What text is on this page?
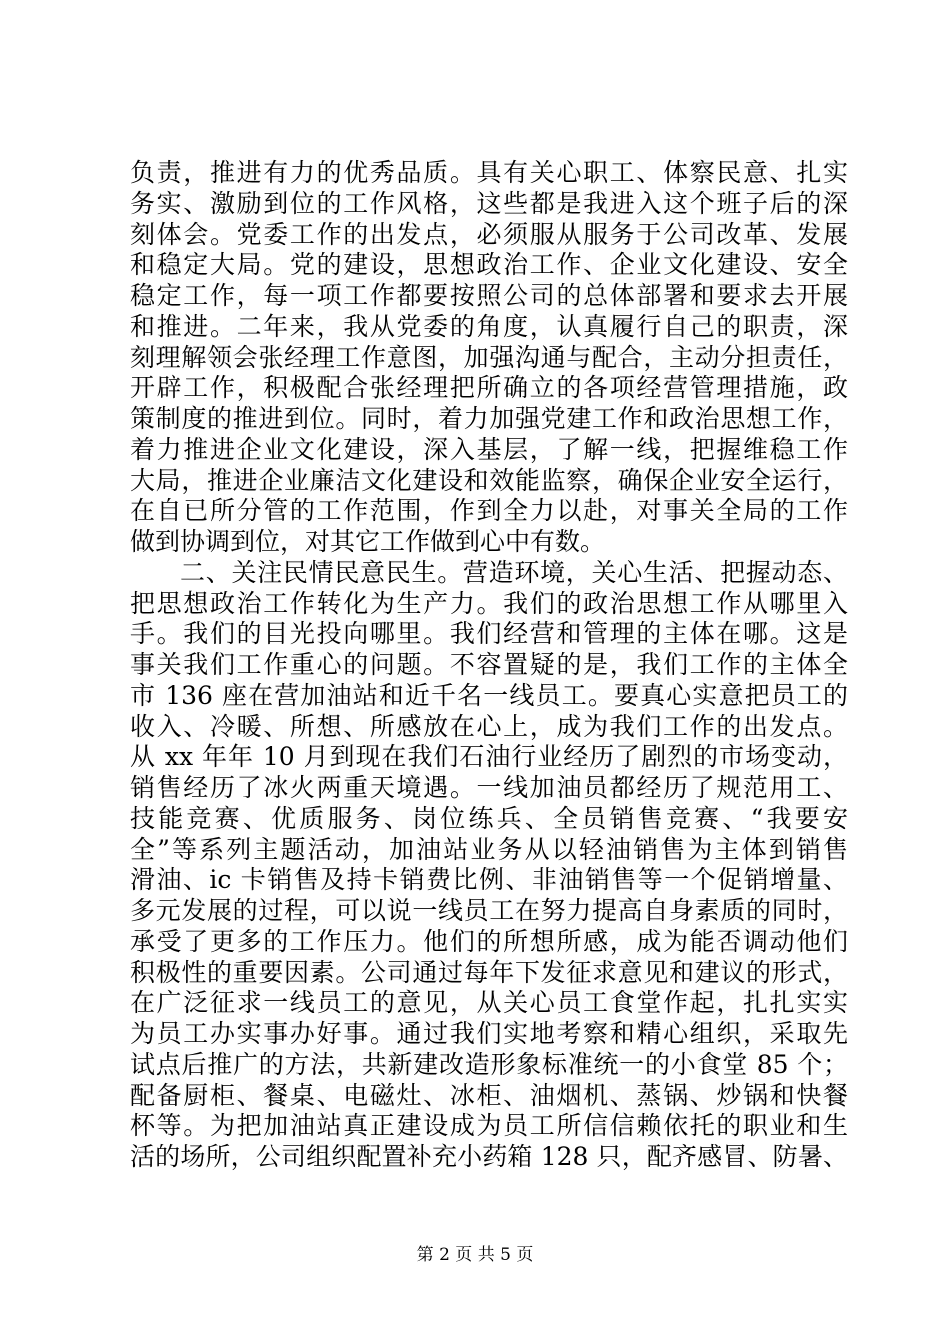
负责，推进有力的优秀品质。具有关心职工、体察民意、扎实
务实、激励到位的工作风格，这些都是我进入这个班子后的深
刻体会。党委工作的出发点，必须服从服务于公司改革、发展
和稳定大局。党的建设，思想政治工作、企业文化建设、安全
稳定工作，每一项工作都要按照公司的总体部署和要求去开展
和推进。二年来，我从党委的角度，认真履行自己的职责，深
刻理解领会张经理工作意图，加强沟通与配合，主动分担责任，
开辟工作，积极配合张经理把所确立的各项经营管理措施，政
策制度的推进到位。同时，着力加强党建工作和政治思想工作，
着力推进企业文化建设，深入基层，了解一线，把握维稳工作
大局，推进企业廉洁文化建设和效能监察，确保企业安全运行，
在自已所分管的工作范围，作到全力以赴，对事关全局的工作
做到协调到位，对其它工作做到心中有数。
二、关注民情民意民生。营造环境，关心生活、把握动态、
把思想政治工作转化为生产力。我们的政治思想工作从哪里入
手。我们的目光投向哪里。我们经营和管理的主体在哪。这是
事关我们工作重心的问题。不容置疑的是，我们工作的主体全
市 136 座在营加油站和近千名一线员工。要真心实意把员工的
收入、冷暖、所想、所感放在心上，成为我们工作的出发点。
从 xx 年年 10 月到现在我们石油行业经历了剧烈的市场变动，
销售经历了冰火两重天境遇。一线加油员都经历了规范用工、
技能竞赛、优质服务、岗位练兵、全员销售竞赛、“我要安
全”等系列主题活动，加油站业务从以轻油销售为主体到销售
滑油、ic 卡销售及持卡销费比例、非油销售等一个促销增量、
多元发展的过程，可以说一线员工在努力提高自身素质的同时，
承受了更多的工作压力。他们的所想所感，成为能否调动他们
积极性的重要因素。公司通过每年下发征求意见和建议的形式，
在广泛征求一线员工的意见，从关心员工食堂作起，扎扎实实
为员工办实事办好事。通过我们实地考察和精心组织，采取先
试点后推广的方法，共新建改造形象标准统一的小食堂 85 个；
配备厨柜、餐桌、电磁灶、冰柜、油烟机、蒸锅、炒锅和快餐
杯等。为把加油站真正建设成为员工所信信赖依托的职业和生
活的场所，公司组织配置补充小药箱 128 只，配齐感冒、防暑、
第 2 页 共 5 页
